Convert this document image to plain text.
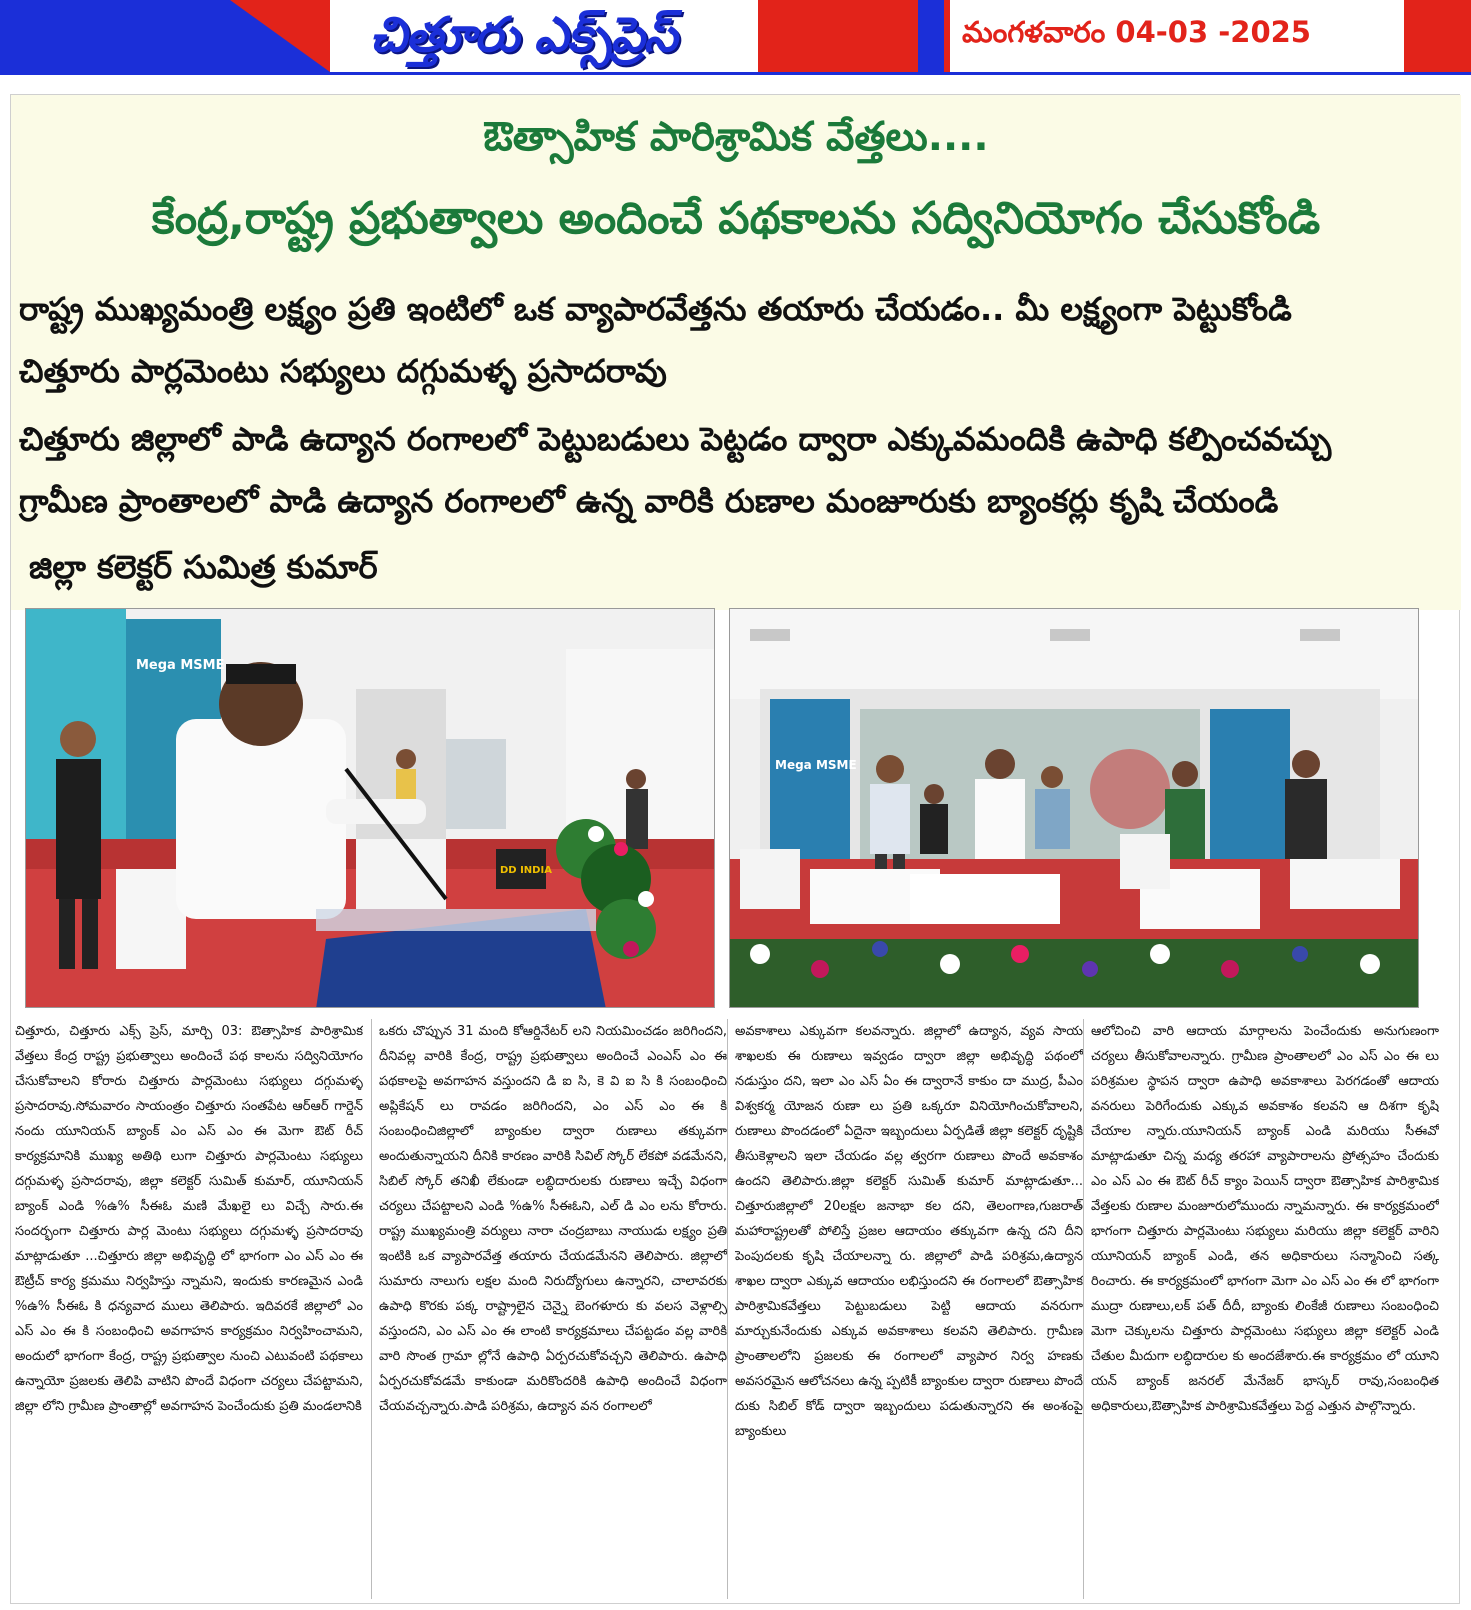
చిత్తూరు ఎక్స్‌ప్రెస్	మంగళవారం 04-03 -2025
ఔత్సాహిక పారిశ్రామిక వేత్తలు....
కేంద్ర,రాష్ట్ర ప్రభుత్వాలు అందించే పథకాలను సద్వినియోగం చేసుకోండి
రాష్ట్ర ముఖ్యమంత్రి లక్ష్యం ప్రతి ఇంటిలో ఒక వ్యాపారవేత్తను తయారు చేయడం.. మీ లక్ష్యంగా పెట్టుకోండి
చిత్తూరు పార్లమెంటు సభ్యులు దగ్గుమళ్ళ ప్రసాదరావు
చిత్తూరు జిల్లాలో పాడి ఉద్యాన రంగాలలో పెట్టుబడులు పెట్టడం ద్వారా ఎక్కువమందికి ఉపాధి కల్పించవచ్చు
గ్రామీణ ప్రాంతాలలో పాడి ఉద్యాన రంగాలలో ఉన్న వారికి రుణాల మంజూరుకు బ్యాంకర్లు కృషి చేయండి
జిల్లా కలెక్టర్ సుమిత్ర కుమార్
Mega MSME
DD INDIA
Mega MSME
చిత్తూరు, చిత్తూరు ఎక్స్ ప్రెస్, మార్చి 03: ఔత్సాహిక పారిశ్రామిక వేత్తలు కేంద్ర రాష్ట్ర ప్రభుత్వాలు అందించే పథ కాలను సద్వినియోగం చేసుకోవాలని కోరారు చిత్తూరు పార్లమెంటు సభ్యులు దగ్గుమళ్ళ ప్రసాదరావు.సోమవారం సాయంత్రం చిత్తూరు సంతపేట ఆర్ఆర్ గార్డెన్ నందు యూనియన్ బ్యాంక్ ఎం ఎస్ ఎం ఈ మెగా ఔట్ రీచ్ కార్యక్రమానికి ముఖ్య అతిథి లుగా చిత్తూరు పార్లమెంటు సభ్యులు దగ్గుమళ్ళ ప్రసాదరావు, జిల్లా కలెక్టర్ సుమిత్ కుమార్, యూనియన్ బ్యాంక్ ఎండి %ఉ% సీఈఓ మణి మేఖలై లు విచ్చే సారు.ఈ సందర్భంగా చిత్తూరు పార్ల మెంటు సభ్యులు దగ్గుమళ్ళ ప్రసాదరావు మాట్లాడుతూ ...చిత్తూరు జిల్లా అభివృద్ధి లో భాగంగా ఎం ఎస్ ఎం ఈ ఔట్రీచ్ కార్య క్రమము నిర్వహిస్తు న్నామని, ఇందుకు కారణమైన ఎండి %ఉ% సీఈఓ కి ధన్యవాద ములు తెలిపారు. ఇదివరకే జిల్లాలో ఎం ఎస్ ఎం ఈ కి సంబంధించి అవగాహన కార్యక్రమం నిర్వహించామని, అందులో భాగంగా కేంద్ర, రాష్ట్ర ప్రభుత్వాల నుంచి ఎటువంటి పథకాలు ఉన్నాయో ప్రజలకు తెలిపి వాటిని పొందే విధంగా చర్యలు చేపట్టామని, జిల్లా లోని గ్రామీణ ప్రాంతాల్లో అవగాహన పెంచేందుకు ప్రతి మండలానికి
ఒకరు చొప్పున 31 మంది కోఆర్డినేటర్ లని నియమించడం జరిగిందని, దీనివల్ల వారికి కేంద్ర, రాష్ట్ర ప్రభుత్వాలు అందించే ఎంఎస్ ఎం ఈ పథకాలపై అవగాహన వస్తుందని డి ఐ సి, కె వి ఐ సి కి సంబంధించి అప్లికేషన్ లు రావడం జరిగిందని, ఎం ఎస్ ఎం ఈ కి సంబంధించిజిల్లాలో బ్యాంకుల ద్వారా రుణాలు తక్కువగా అందుతున్నాయని దీనికి కారణం వారికి సివిల్ స్కోర్ లేకపో వడమేనని, సిబిల్ స్కోర్ తనిఖీ లేకుండా లబ్ధిదారులకు రుణాలు ఇచ్చే విధంగా చర్యలు చేపట్టాలని ఎండి %ఉ% సీఈఓని, ఎల్ డి ఎం లను కోరారు. రాష్ట్ర ముఖ్యమంత్రి వర్యులు నారా చంద్రబాబు నాయుడు లక్ష్యం ప్రతి ఇంటికి ఒక వ్యాపారవేత్త తయారు చేయడమేనని తెలిపారు. జిల్లాలో సుమారు నాలుగు లక్షల మంది నిరుద్యోగులు ఉన్నారని, చాలావరకు ఉపాధి కొరకు పక్క రాష్ట్రాలైన చెన్నై బెంగళూరు కు వలస వెళ్లాల్సి వస్తుందని, ఎం ఎస్ ఎం ఈ లాంటి కార్యక్రమాలు చేపట్టడం వల్ల వారికి వారి సొంత గ్రామా ల్లోనే ఉపాధి ఏర్పరచుకోవచ్చని తెలిపారు. ఉపాధి ఏర్పరచుకోవడమే కాకుండా మరికొందరికి ఉపాధి అందించే విధంగా చేయవచ్చన్నారు.పాడి పరిశ్రమ, ఉద్యాన వన రంగాలలో
అవకాశాలు ఎక్కువగా కలవన్నారు. జిల్లాలో ఉద్యాన, వ్యవ సాయ శాఖలకు ఈ రుణాలు ఇవ్వడం ద్వారా జిల్లా అభివృద్ధి పథంలో నడుస్తుం దని, ఇలా ఎం ఎస్ ఏం ఈ ద్వారానే కాకుం దా ముద్ర, పీఎం విశ్వకర్మ యోజన రుణా లు ప్రతి ఒక్కరూ వినియోగించుకోవాలని, రుణాలు పొందడంలో ఏదైనా ఇబ్బందులు ఏర్పడితే జిల్లా కలెక్టర్ దృష్టికి తీసుకెళ్లాలని ఇలా చేయడం వల్ల త్వరగా రుణాలు పొందే అవకాశం ఉందని తెలిపారు.జిల్లా కలెక్టర్ సుమిత్ కుమార్ మాట్లాడుతూ... చిత్తూరుజిల్లాలో 20లక్షల జనాభా కల దని, తెలంగాణ,గుజరాత్ మహారాష్ట్రలతో పోలిస్తే ప్రజల ఆదాయం తక్కువగా ఉన్న దని దీని పెంపుదలకు కృషి చేయాలన్నా రు. జిల్లాలో పాడి పరిశ్రమ,ఉద్యాన శాఖల ద్వారా ఎక్కువ ఆదాయం లభిస్తుందని ఈ రంగాలలో ఔత్సాహిక పారిశ్రామికవేత్తలు పెట్టుబడులు పెట్టి ఆదాయ వనరుగా మార్చుకునేందుకు ఎక్కువ అవకాశాలు కలవని తెలిపారు. గ్రామీణ ప్రాంతాలలోని ప్రజలకు ఈ రంగాలలో వ్యాపార నిర్వ హణకు అవసరమైన ఆలోచనలు ఉన్న ప్పటికీ బ్యాంకుల ద్వారా రుణాలు పొందే దుకు సిబిల్ కోడ్ ద్వారా ఇబ్బందులు పడుతున్నారని ఈ అంశంపై బ్యాంకులు
ఆలోచించి వారి ఆదాయ మార్గాలను పెంచేందుకు అనుగుణంగా చర్యలు తీసుకోవాలన్నారు. గ్రామీణ ప్రాంతాలలో ఎం ఎస్ ఎం ఈ లు పరిశ్రమల స్థాపన ద్వారా ఉపాధి అవకాశాలు పెరగడంతో ఆదాయ వనరులు పెరిగేందుకు ఎక్కువ అవకాశం కలవని ఆ దిశగా కృషి చేయాల న్నారు.యూనియన్ బ్యాంక్ ఎండి మరియు సీఈవో మాట్లాడుతూ చిన్న మధ్య తరహా వ్యాపారాలను ప్రోత్సహం చేందుకు ఎం ఎస్ ఎం ఈ ఔట్ రీచ్ క్యాం పెయిన్ ద్వారా ఔత్సాహిక పారిశ్రామిక వేత్తలకు రుణాల మంజూరులోముందు న్నామన్నారు. ఈ కార్యక్రమంలో భాగంగా చిత్తూరు పార్లమెంటు సభ్యులు మరియు జిల్లా కలెక్టర్ వారిని యూనియన్ బ్యాంక్ ఎండి, తన అధికారులు సన్మానించి సత్క రించారు. ఈ కార్యక్రమంలో భాగంగా మెగా ఎం ఎస్ ఎం ఈ లో భాగంగా ముద్రా రుణాలు,లక్ పత్ దీదీ, బ్యాంకు లింకేజీ రుణాలు సంబంధించి మెగా చెక్కులను చిత్తూరు పార్లమెంటు సభ్యులు జిల్లా కలెక్టర్ ఎండి చేతుల మీదుగా లబ్ధిదారుల కు అందజేశారు.ఈ కార్యక్రమం లో యూని యన్ బ్యాంక్ జనరల్ మేనేజర్ భాస్కర్ రావు,సంబంధిత అధికారులు,ఔత్సాహిక పారిశ్రామికవేత్తలు పెద్ద ఎత్తున పాల్గొన్నారు.
